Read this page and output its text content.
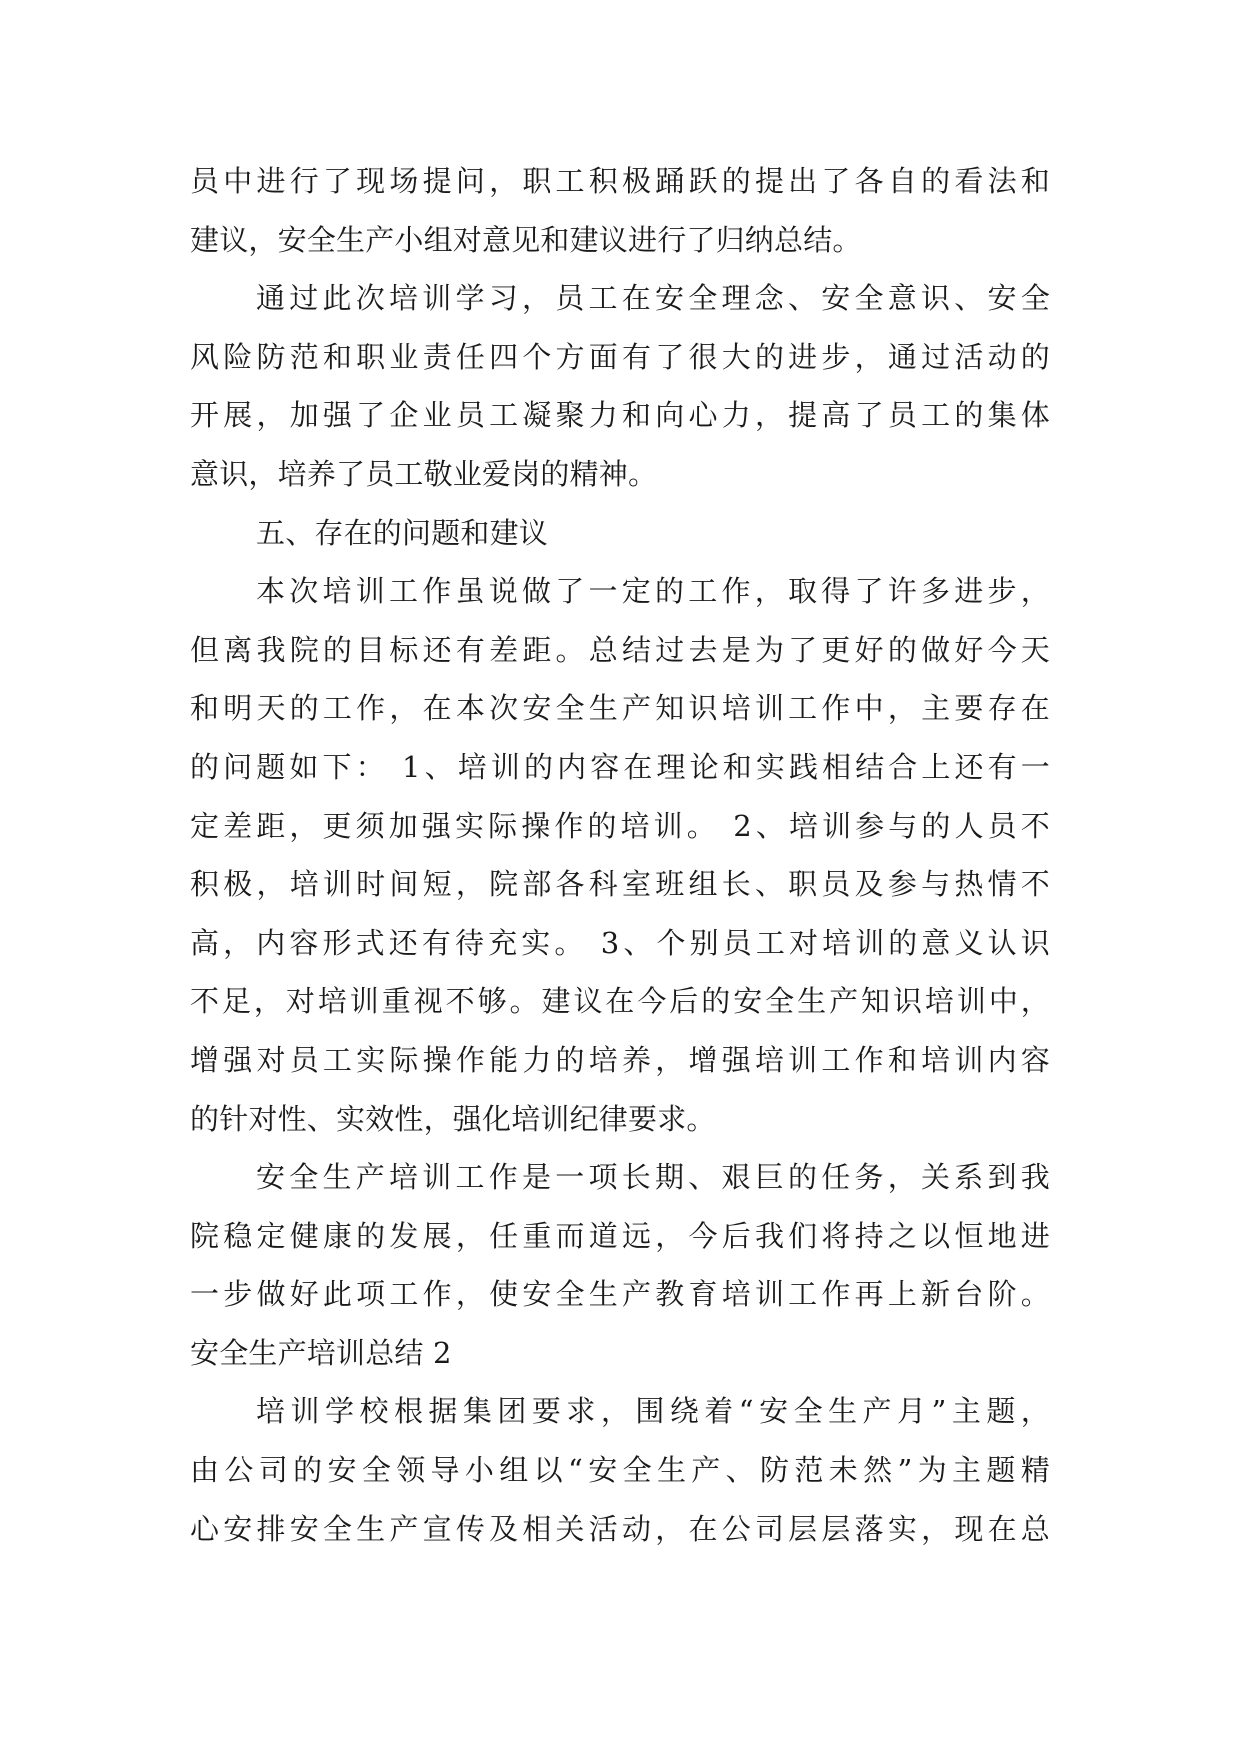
员中进行了现场提问，职工积极踊跃的提出了各自的看法和
建议，安全生产小组对意见和建议进行了归纳总结。
通过此次培训学习，员工在安全理念、安全意识、安全
风险防范和职业责任四个方面有了很大的进步，通过活动的
开展，加强了企业员工凝聚力和向心力，提高了员工的集体
意识，培养了员工敬业爱岗的精神。
五、存在的问题和建议
本次培训工作虽说做了一定的工作，取得了许多进步，
但离我院的目标还有差距。总结过去是为了更好的做好今天
和明天的工作，在本次安全生产知识培训工作中，主要存在
的问题如下： 1、培训的内容在理论和实践相结合上还有一
定差距，更须加强实际操作的培训。 2、培训参与的人员不
积极，培训时间短，院部各科室班组长、职员及参与热情不
高，内容形式还有待充实。 3、个别员工对培训的意义认识
不足，对培训重视不够。建议在今后的安全生产知识培训中，
增强对员工实际操作能力的培养，增强培训工作和培训内容
的针对性、实效性，强化培训纪律要求。
安全生产培训工作是一项长期、艰巨的任务，关系到我
院稳定健康的发展，任重而道远，今后我们将持之以恒地进
一步做好此项工作，使安全生产教育培训工作再上新台阶。
安全生产培训总结 2
培训学校根据集团要求，围绕着“安全生产月”主题，
由公司的安全领导小组以“安全生产、防范未然”为主题精
心安排安全生产宣传及相关活动，在公司层层落实，现在总
